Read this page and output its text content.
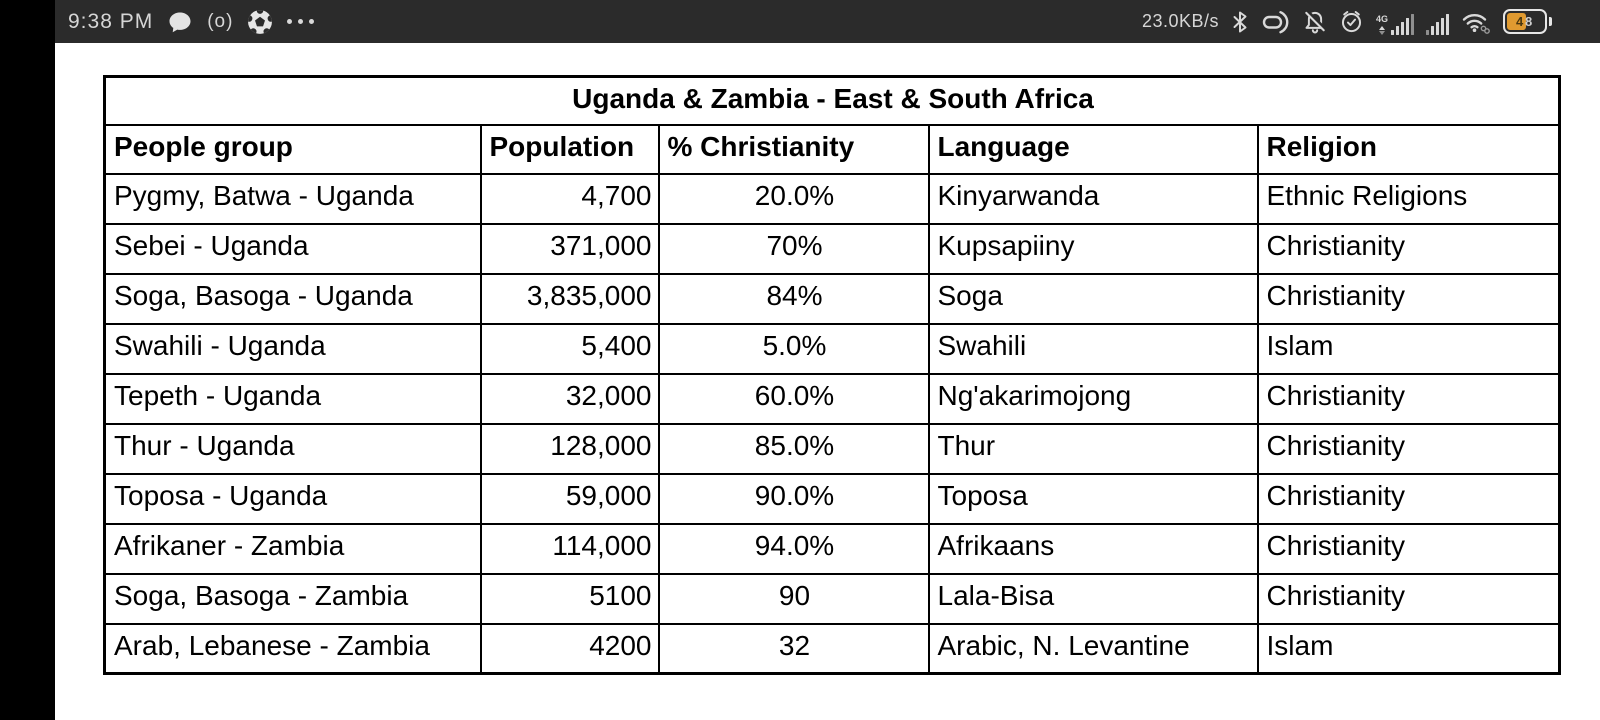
9:38 PM	(o)	23.0KB/s	4G	4 8
Uganda & Zambia - East & South Africa				
People group	Population	% Christianity	Language	Religion
Pygmy, Batwa - Uganda	4,700	20.0%	Kinyarwanda	Ethnic Religions
Sebei - Uganda	371,000	70%	Kupsapiiny	Christianity
Soga, Basoga - Uganda	3,835,000	84%	Soga	Christianity
Swahili - Uganda	5,400	5.0%	Swahili	Islam
Tepeth - Uganda	32,000	60.0%	Ng'akarimojong	Christianity
Thur - Uganda	128,000	85.0%	Thur	Christianity
Toposa - Uganda	59,000	90.0%	Toposa	Christianity
Afrikaner - Zambia	114,000	94.0%	Afrikaans	Christianity
Soga, Basoga - Zambia	5100	90	Lala-Bisa	Christianity
Arab, Lebanese - Zambia	4200	32	Arabic, N. Levantine	Islam
